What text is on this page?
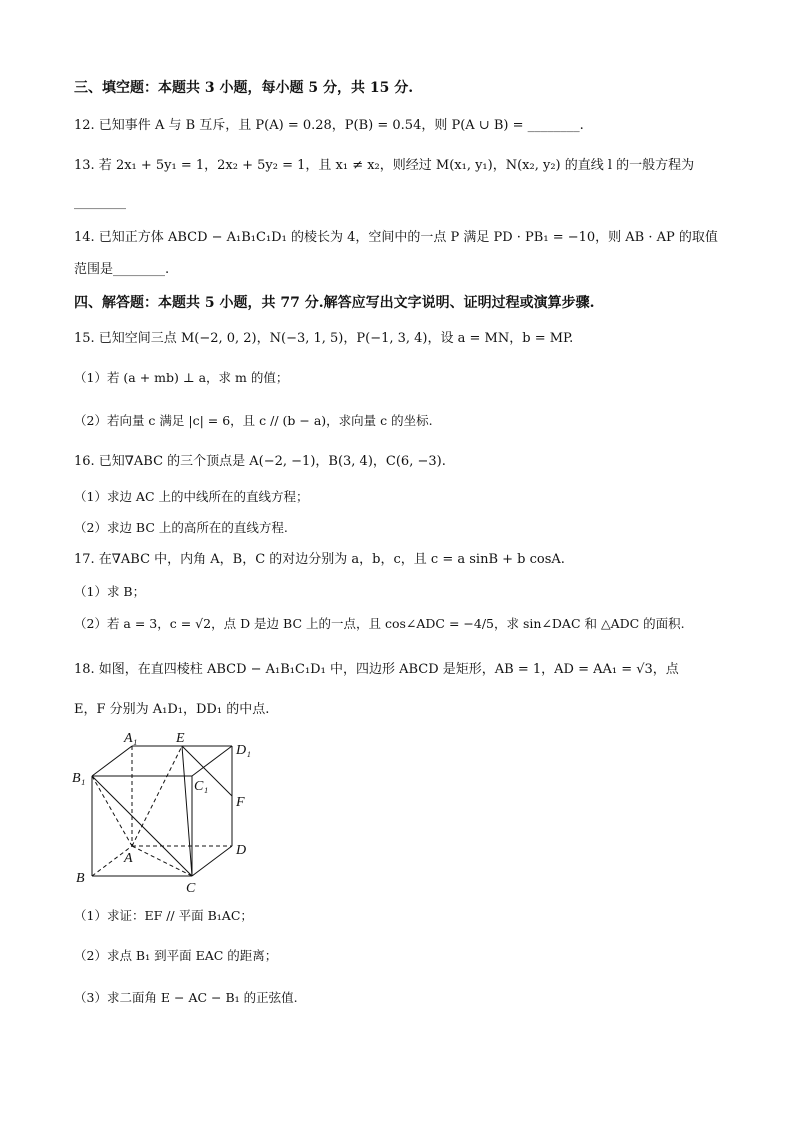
三、填空题：本题共 3 小题，每小题 5 分，共 15 分.
12. 已知事件 A 与 B 互斥，且 P(A) = 0.28，P(B) = 0.54，则 P(A ∪ B) = ________.
13. 若 2x₁ + 5y₁ = 1，2x₂ + 5y₂ = 1，且 x₁ ≠ x₂，则经过 M(x₁, y₁)，N(x₂, y₂) 的直线 l 的一般方程为
________
14. 已知正方体 ABCD − A₁B₁C₁D₁ 的棱长为 4，空间中的一点 P 满足 PD · PB₁ = −10，则 AB · AP 的取值
范围是________.
四、解答题：本题共 5 小题，共 77 分.解答应写出文字说明、证明过程或演算步骤.
15. 已知空间三点 M(−2, 0, 2)，N(−3, 1, 5)，P(−1, 3, 4)，设 a = MN，b = MP.
（1）若 (a + mb) ⊥ a，求 m 的值；
（2）若向量 c 满足 |c| = 6，且 c // (b − a)，求向量 c 的坐标.
16. 已知∇ABC 的三个顶点是 A(−2, −1)，B(3, 4)，C(6, −3).
（1）求边 AC 上的中线所在的直线方程；
（2）求边 BC 上的高所在的直线方程.
17. 在∇ABC 中，内角 A，B，C 的对边分别为 a，b，c，且 c = a sinB + b cosA.
（1）求 B；
（2）若 a = 3，c = √2，点 D 是边 BC 上的一点，且 cos∠ADC = −4/5，求 sin∠DAC 和 △ADC 的面积.
18. 如图，在直四棱柱 ABCD − A₁B₁C₁D₁ 中，四边形 ABCD 是矩形，AB = 1，AD = AA₁ = √3，点
E，F 分别为 A₁D₁，DD₁ 的中点.
A₁	E
D₁
B₁
C₁
F
A
D
B
C
（1）求证：EF // 平面 B₁AC；
（2）求点 B₁ 到平面 EAC 的距离；
（3）求二面角 E − AC − B₁ 的正弦值.
